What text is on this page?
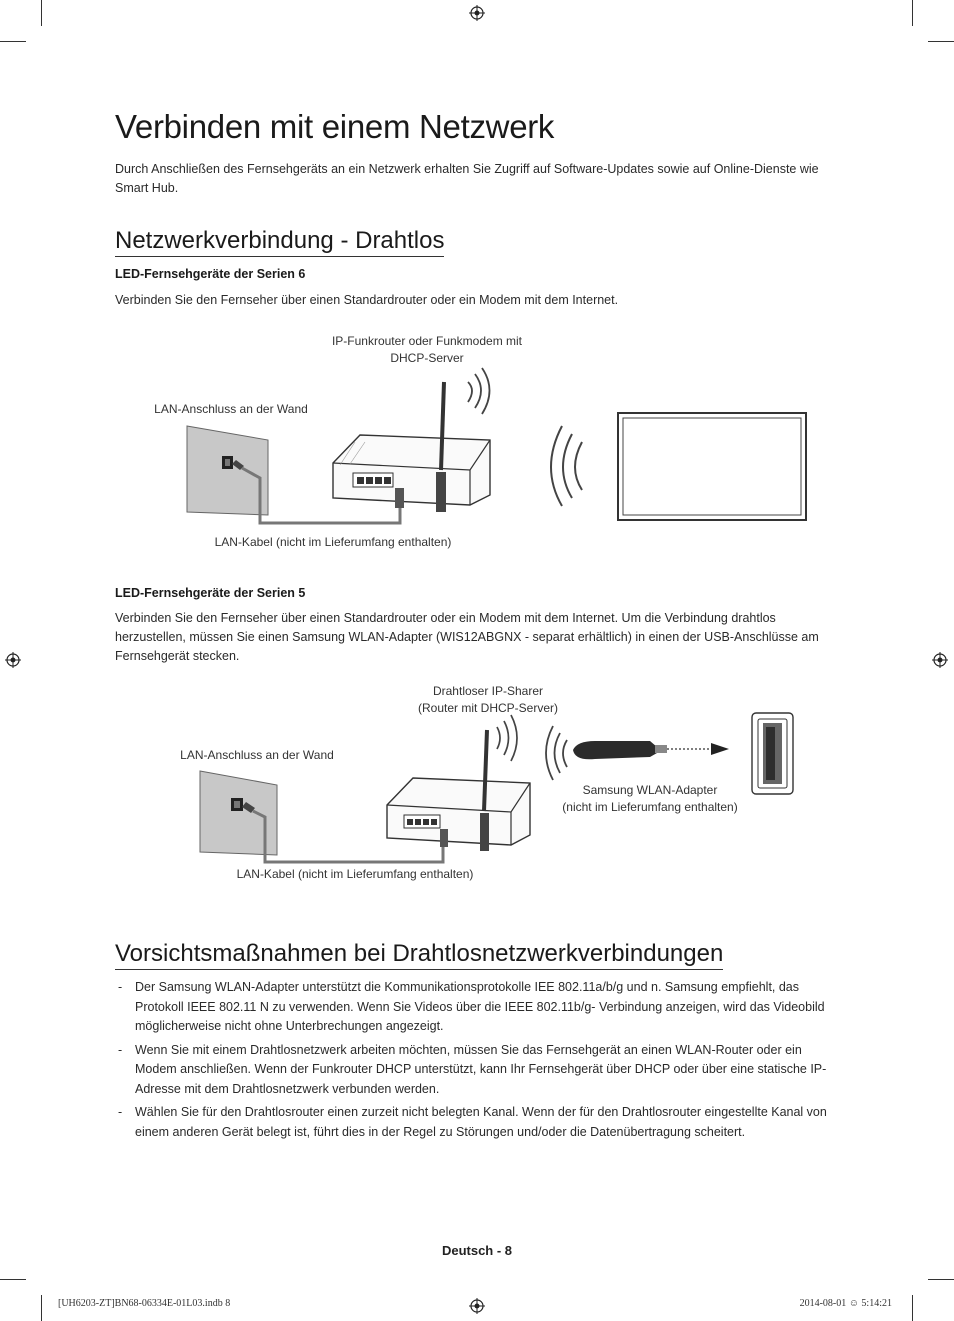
Verbinden mit einem Netzwerk
Durch Anschließen des Fernsehgeräts an ein Netzwerk erhalten Sie Zugriff auf Software-Updates sowie auf Online-Dienste wie Smart Hub.
Netzwerkverbindung - Drahtlos
LED-Fernsehgeräte der Serien 6
Verbinden Sie den Fernseher über einen Standardrouter oder ein Modem mit dem Internet.
IP-Funkrouter oder Funkmodem mit
DHCP-Server
LAN-Anschluss an der Wand
LAN-Kabel (nicht im Lieferumfang enthalten)
LED-Fernsehgeräte der Serien 5
Verbinden Sie den Fernseher über einen Standardrouter oder ein Modem mit dem Internet. Um die Verbindung drahtlos herzustellen, müssen Sie einen Samsung WLAN-Adapter (WIS12ABGNX - separat erhältlich) in einen der USB-Anschlüsse am Fernsehgerät stecken.
Drahtloser IP-Sharer
(Router mit DHCP-Server)
LAN-Anschluss an der Wand
Samsung WLAN-Adapter
(nicht im Lieferumfang enthalten)
LAN-Kabel (nicht im Lieferumfang enthalten)
Vorsichtsmaßnahmen bei Drahtlosnetzwerkverbindungen
- Der Samsung WLAN-Adapter unterstützt die Kommunikationsprotokolle IEE 802.11a/b/g und n. Samsung empfiehlt, das Protokoll IEEE 802.11 N zu verwenden. Wenn Sie Videos über die IEEE 802.11b/g- Verbindung anzeigen, wird das Videobild möglicherweise nicht ohne Unterbrechungen angezeigt.
- Wenn Sie mit einem Drahtlosnetzwerk arbeiten möchten, müssen Sie das Fernsehgerät an einen WLAN-Router oder ein Modem anschließen. Wenn der Funkrouter DHCP unterstützt, kann Ihr Fernsehgerät über DHCP oder über eine statische IP-Adresse mit dem Drahtlosnetzwerk verbunden werden.
- Wählen Sie für den Drahtlosrouter einen zurzeit nicht belegten Kanal. Wenn der für den Drahtlosrouter eingestellte Kanal von einem anderen Gerät belegt ist, führt dies in der Regel zu Störungen und/oder die Datenübertragung scheitert.
Deutsch - 8
[UH6203-ZT]BN68-06334E-01L03.indb 8	2014-08-01 ☺ 5:14:21
